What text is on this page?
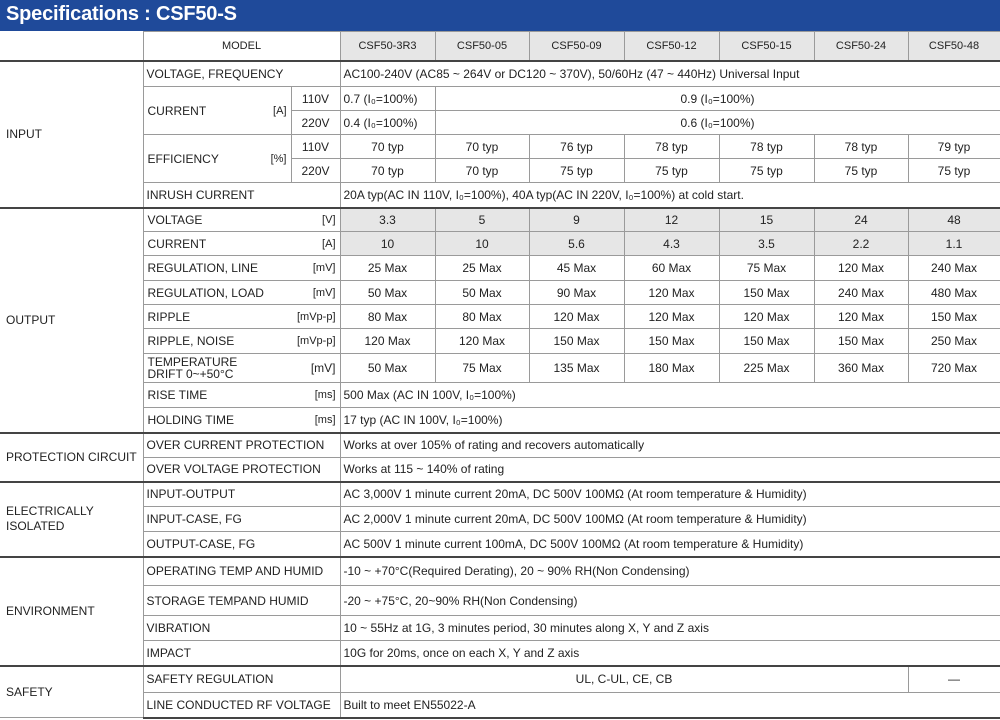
Specifications : CSF50-S
	MODEL		CSF50-3R3	CSF50-05	CSF50-09	CSF50-12	CSF50-15	CSF50-24	CSF50-48
INPUT	VOLTAGE, FREQUENCY		AC100-240V (AC85 ~ 264V or DC120 ~ 370V), 50/60Hz (47 ~ 440Hz) Universal Input						

	CURRENT [A]	110V	0.7 (I₀=100%)	0.9 (I₀=100%)					
		220V	0.4 (I₀=100%)	0.6 (I₀=100%)					

	EFFICIENCY [%]	110V	70 typ	70 typ	76 typ	78 typ	78 typ	78 typ	79 typ
		220V	70 typ	70 typ	75 typ	75 typ	75 typ	75 typ	75 typ
	INRUSH CURRENT		20A typ(AC IN 110V, I₀=100%), 40A typ(AC IN 220V, I₀=100%) at cold start.						
OUTPUT	VOLTAGE [V]		3.3	5	9	12	15	24	48

	CURRENT [A]		10	10	5.6	4.3	3.5	2.2	1.1

	REGULATION, LINE [mV]		25 Max	25 Max	45 Max	60 Max	75 Max	120 Max	240 Max

	REGULATION, LOAD [mV]		50 Max	50 Max	90 Max	120 Max	150 Max	240 Max	480 Max

	RIPPLE [mVp-p]		80 Max	80 Max	120 Max	120 Max	120 Max	120 Max	150 Max

	RIPPLE, NOISE [mVp-p]		120 Max	120 Max	150 Max	150 Max	150 Max	150 Max	250 Max

	TEMPERATURE
DRIFT 0~+50°C [mV]		50 Max	75 Max	135 Max	180 Max	225 Max	360 Max	720 Max

	RISE TIME [ms]		500 Max (AC IN 100V, I₀=100%)						

	HOLDING TIME [ms]		17 typ (AC IN 100V, I₀=100%)						
PROTECTION CIRCUIT	OVER CURRENT PROTECTION		Works at over 105% of rating and recovers automatically						
	OVER VOLTAGE PROTECTION		Works at 115 ~ 140% of rating						
ELECTRICALLY ISOLATED	INPUT-OUTPUT		AC 3,000V 1 minute current 20mA, DC 500V 100MΩ (At room temperature & Humidity)						
	INPUT-CASE, FG		AC 2,000V 1 minute current 20mA, DC 500V 100MΩ (At room temperature & Humidity)						
	OUTPUT-CASE, FG		AC 500V 1 minute current 100mA, DC 500V 100MΩ (At room temperature & Humidity)						
ENVIRONMENT	OPERATING TEMP AND HUMID		-10 ~ +70°C(Required Derating), 20 ~ 90% RH(Non Condensing)						
	STORAGE TEMPAND HUMID		-20 ~ +75°C, 20~90% RH(Non Condensing)						
	VIBRATION		10 ~ 55Hz at 1G, 3 minutes period, 30 minutes along X, Y and Z axis						
	IMPACT		10G for 20ms, once on each X, Y and Z axis						
SAFETY	SAFETY REGULATION		UL, C-UL, CE, CB						—
	LINE CONDUCTED RF VOLTAGE		Built to meet EN55022-A						
